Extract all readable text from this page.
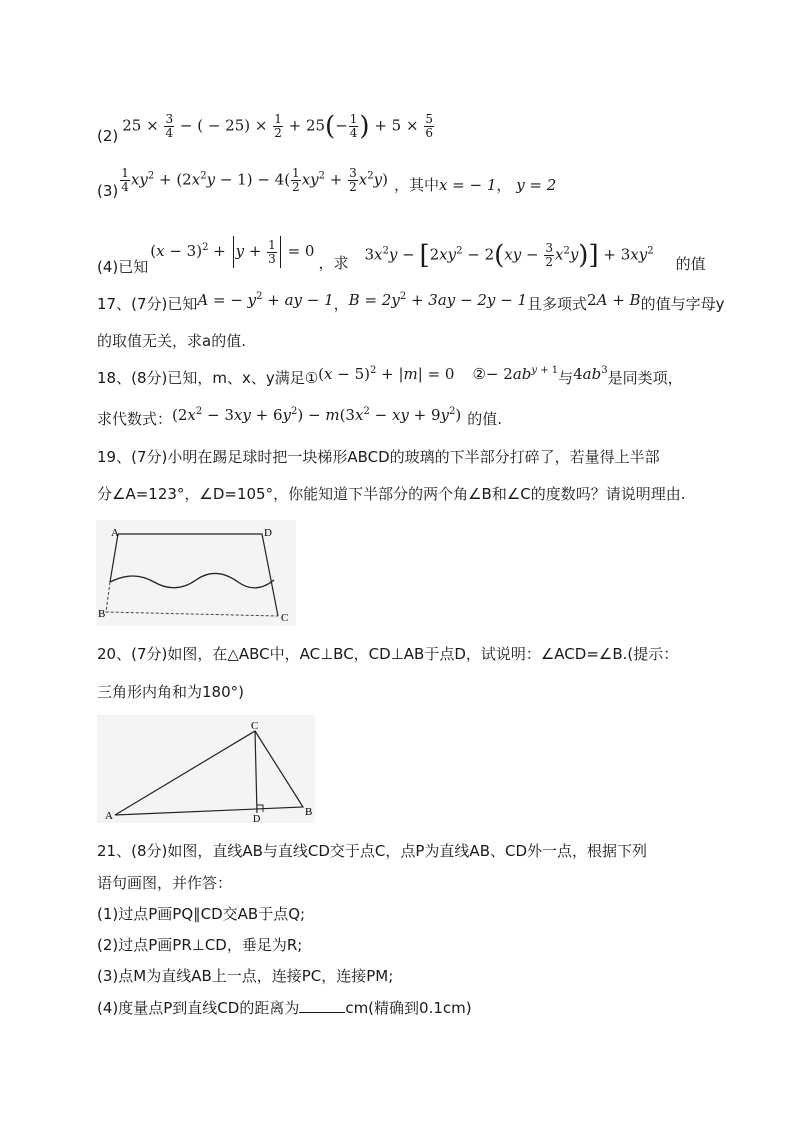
(2)
$25 \times \frac{3}{4}$ − ( − $25) \times \frac{1}{2} + 25(- \frac{1}{4}$ ) + $5 \times \frac{5}{6}$
$(3) \frac{1}{4} xy^2 + (2x^2y - 1) - 4( \frac{1}{2} xy^2 + \frac{3}{2} x^2y)$ ，其中 x = − 1， y = 2
(4)已知
$(x - 3)^2 + y + \frac{1}{3} = 0$
，求 $3x^2y - [2xy^2 - 2(xy - \frac{3}{2} x^2y)] + 3xy^2$
的值
17、(7分)已知 A = − $y^2$ + ay − 1 ， $B = 2y^2 + 3ay - 2y - 1$ 且多项式 2A + B 的值与字母y
的取值无关，求a的值.
18、(8分)已知，m、x、y满足① $(x - 5)^2 + |m| = 0$ ② − $2ab^{y + 1}$ 与 $4ab^3$ 是同类项，
求代数式： $(2x^2 - 3xy + 6y^2) - m(3x^2$ − xy + $9y^2$) 的值.
19、(7分)小明在踢足球时把一块梯形ABCD的玻璃的下半部分打碎了，若量得上半部
分∠A=123°，∠D=105°，你能知道下半部分的两个角∠B和∠C的度数吗？请说明理由.
A	D
B	C
20、(7分)如图，在△ABC中，AC⊥BC，CD⊥AB于点D，试说明：∠ACD=∠B.(提示：
三角形内角和为180°)
A
C
D
B
21、(8分)如图，直线AB与直线CD交于点C，点P为直线AB、CD外一点，根据下列
语句画图，并作答：
(1)过点P画PQ∥CD交AB于点Q;
(2)过点P画PR⊥CD，垂足为R;
(3)点M为直线AB上一点，连接PC，连接PM;
(4)度量点P到直线CD的距离为	cm(精确到0.1cm)
